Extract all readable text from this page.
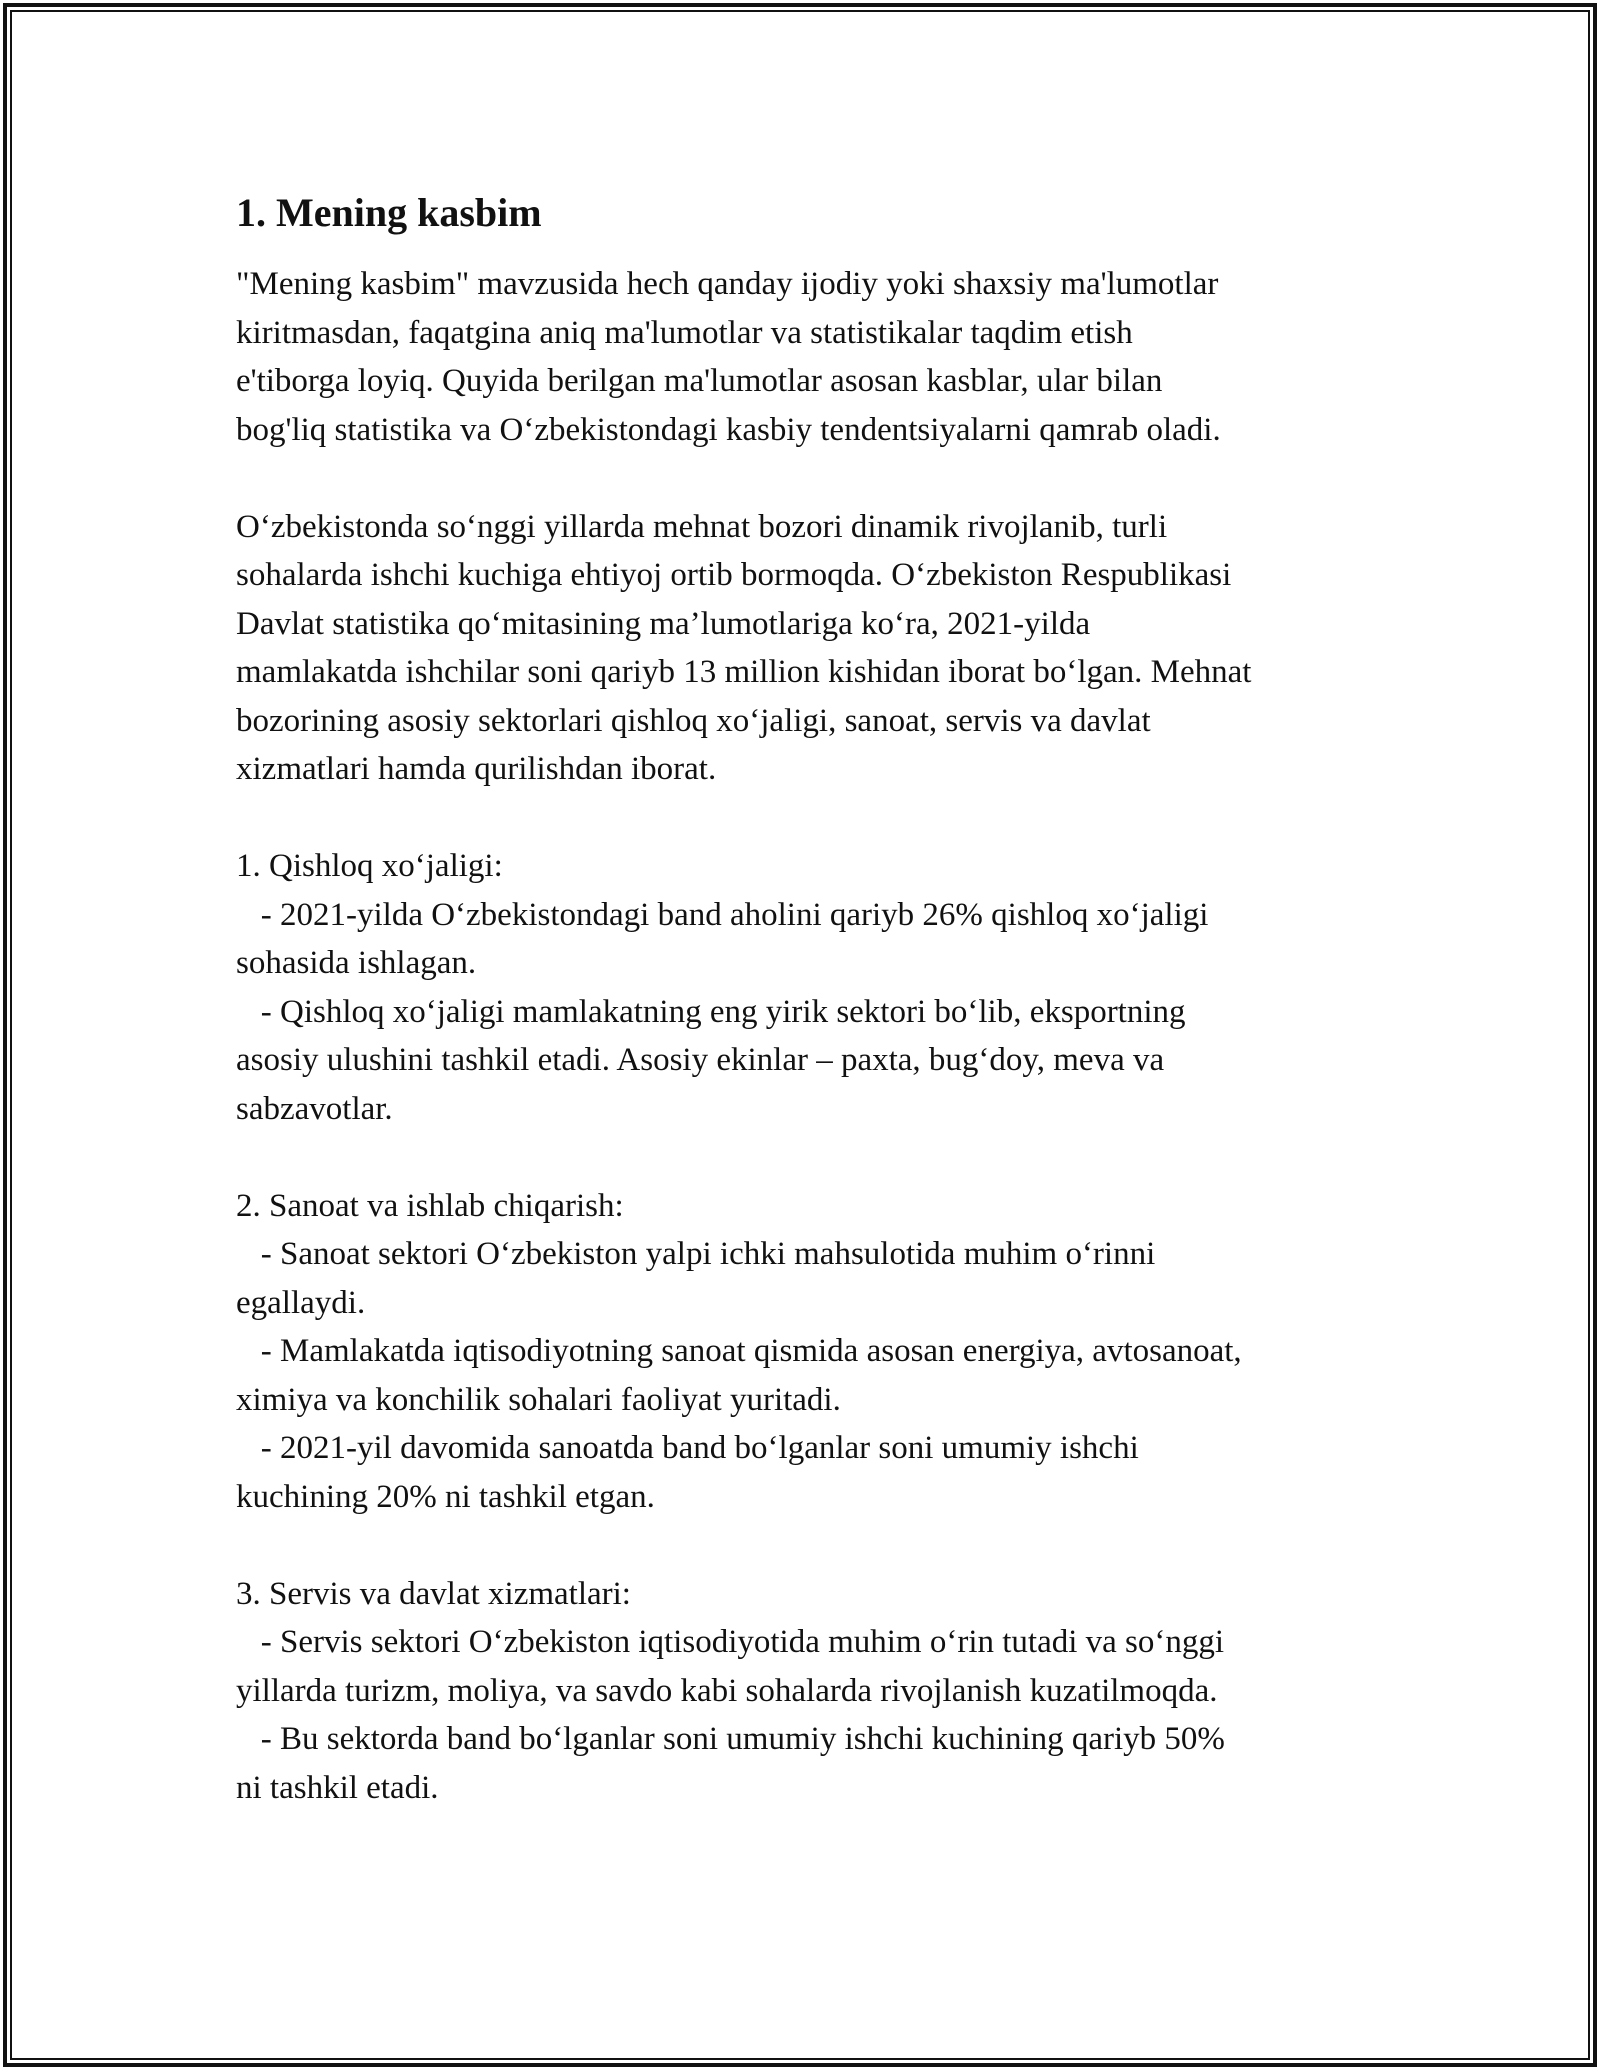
1. Mening kasbim
"Mening kasbim" mavzusida hech qanday ijodiy yoki shaxsiy ma'lumotlar
kiritmasdan, faqatgina aniq ma'lumotlar va statistikalar taqdim etish
e'tiborga loyiq. Quyida berilgan ma'lumotlar asosan kasblar, ular bilan
bog'liq statistika va O‘zbekistondagi kasbiy tendentsiyalarni qamrab oladi.
O‘zbekistonda so‘nggi yillarda mehnat bozori dinamik rivojlanib, turli
sohalarda ishchi kuchiga ehtiyoj ortib bormoqda. O‘zbekiston Respublikasi
Davlat statistika qo‘mitasining ma’lumotlariga ko‘ra, 2021-yilda
mamlakatda ishchilar soni qariyb 13 million kishidan iborat bo‘lgan. Mehnat
bozorining asosiy sektorlari qishloq xo‘jaligi, sanoat, servis va davlat
xizmatlari hamda qurilishdan iborat.
1. Qishloq xo‘jaligi:
- 2021-yilda O‘zbekistondagi band aholini qariyb 26% qishloq xo‘jaligi
sohasida ishlagan.
- Qishloq xo‘jaligi mamlakatning eng yirik sektori bo‘lib, eksportning
asosiy ulushini tashkil etadi. Asosiy ekinlar – paxta, bug‘doy, meva va
sabzavotlar.
2. Sanoat va ishlab chiqarish:
- Sanoat sektori O‘zbekiston yalpi ichki mahsulotida muhim o‘rinni
egallaydi.
- Mamlakatda iqtisodiyotning sanoat qismida asosan energiya, avtosanoat,
ximiya va konchilik sohalari faoliyat yuritadi.
- 2021-yil davomida sanoatda band bo‘lganlar soni umumiy ishchi
kuchining 20% ni tashkil etgan.
3. Servis va davlat xizmatlari:
- Servis sektori O‘zbekiston iqtisodiyotida muhim o‘rin tutadi va so‘nggi
yillarda turizm, moliya, va savdo kabi sohalarda rivojlanish kuzatilmoqda.
- Bu sektorda band bo‘lganlar soni umumiy ishchi kuchining qariyb 50%
ni tashkil etadi.
